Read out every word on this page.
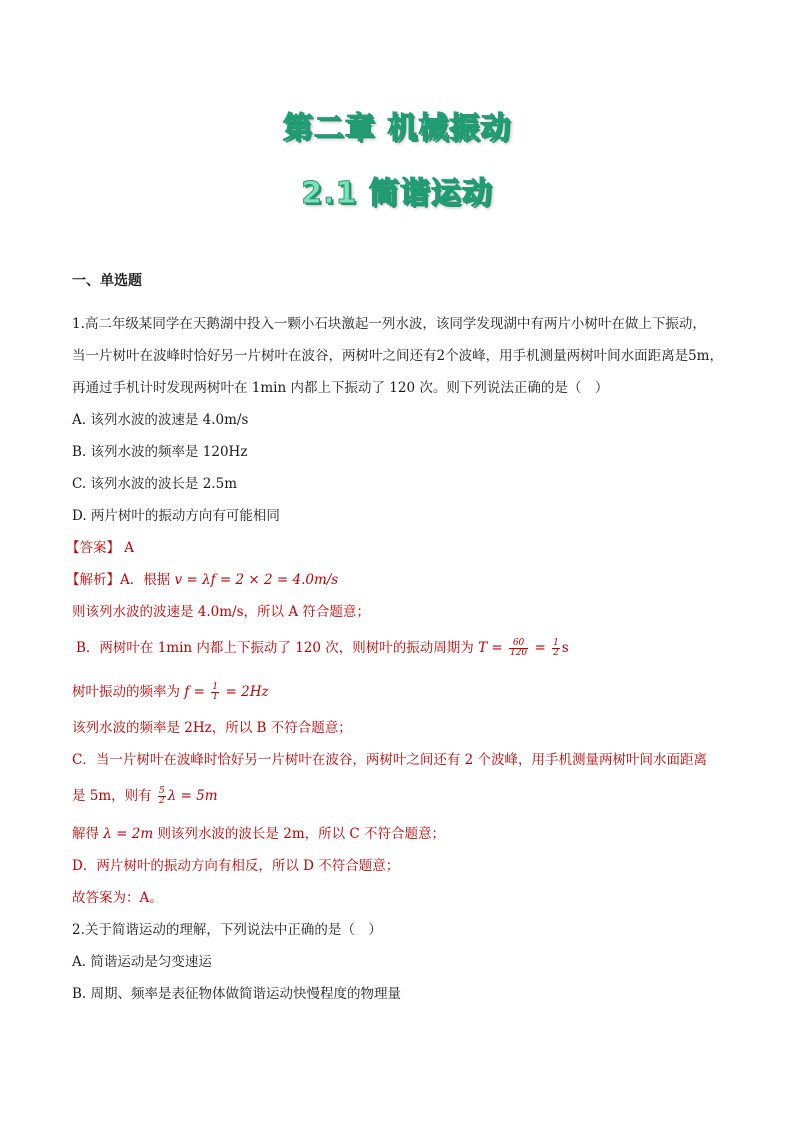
第二章 机械振动
2.1 简谐运动
一、单选题
1.高二年级某同学在天鹅湖中投入一颗小石块激起一列水波，该同学发现湖中有两片小树叶在做上下振动，
当一片树叶在波峰时恰好另一片树叶在波谷，两树叶之间还有2个波峰，用手机测量两树叶间水面距离是5m，
再通过手机计时发现两树叶在 1min 内都上下振动了 120 次。则下列说法正确的是（　）
A. 该列水波的波速是 4.0m/s
B. 该列水波的频率是 120Hz
C. 该列水波的波长是 2.5m
D. 两片树叶的振动方向有可能相同
【答案】 A
【解析】A．根据 v = λf = 2 × 2 = 4.0m/s
则该列水波的波速是 4.0m/s，所以 A 符合题意；
B．两树叶在 1min 内都上下振动了 120 次，则树叶的振动周期为 $T = \frac{60}{120} = \frac{1}{2}$ s
树叶振动的频率为 $f = \frac{1}{T} = 2Hz$
该列水波的频率是 2Hz，所以 B 不符合题意；
C．当一片树叶在波峰时恰好另一片树叶在波谷，两树叶之间还有 2 个波峰，用手机测量两树叶间水面距离
是 5m，则有 $\frac{5}{2}$ λ = 5m
解得 λ = 2m 则该列水波的波长是 2m，所以 C 不符合题意；
D．两片树叶的振动方向有相反，所以 D 不符合题意；
故答案为：A。
2.关于简谐运动的理解，下列说法中正确的是（　）
A. 简谐运动是匀变速运
B. 周期、频率是表征物体做简谐运动快慢程度的物理量
